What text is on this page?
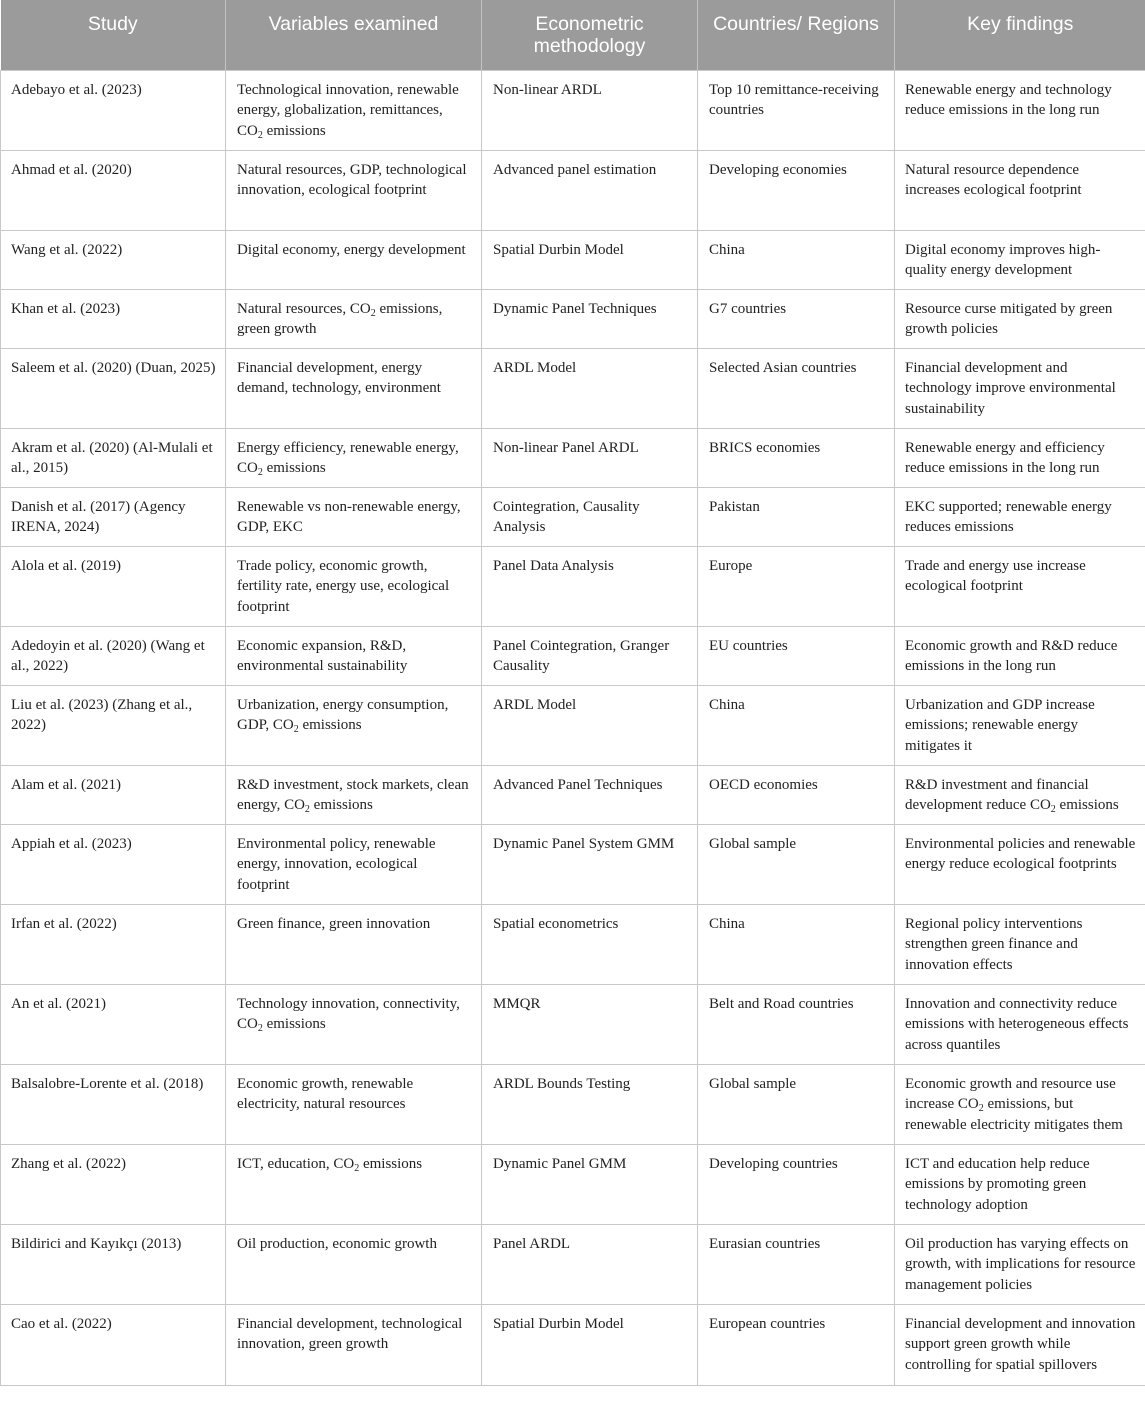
Study	Variables examined	Econometric methodology	Countries/ Regions	Key findings

Adebayo et al. (2023)	Technological innovation, renewable energy, globalization, remittances, $CO_2$ emissions	Non-linear ARDL	Top 10 remittance-receiving countries	Renewable energy and technology reduce emissions in the long run
Ahmad et al. (2020)	Natural resources, GDP, technological innovation, ecological footprint	Advanced panel estimation	Developing economies	Natural resource dependence increases ecological footprint
Wang et al. (2022)	Digital economy, energy development	Spatial Durbin Model	China	Digital economy improves high-quality energy development
Khan et al. (2023)	Natural resources, $CO_2$ emissions, green growth	Dynamic Panel Techniques	G7 countries	Resource curse mitigated by green growth policies
Saleem et al. (2020) (Duan, 2025)	Financial development, energy demand, technology, environment	ARDL Model	Selected Asian countries	Financial development and technology improve environmental sustainability
Akram et al. (2020) (Al-Mulali et al., 2015)	Energy efficiency, renewable energy, $CO_2$ emissions	Non-linear Panel ARDL	BRICS economies	Renewable energy and efficiency reduce emissions in the long run
Danish et al. (2017) (Agency IRENA, 2024)	Renewable vs non-renewable energy, GDP, EKC	Cointegration, Causality Analysis	Pakistan	EKC supported; renewable energy reduces emissions
Alola et al. (2019)	Trade policy, economic growth, fertility rate, energy use, ecological footprint	Panel Data Analysis	Europe	Trade and energy use increase ecological footprint
Adedoyin et al. (2020) (Wang et al., 2022)	Economic expansion, R&D, environmental sustainability	Panel Cointegration, Granger Causality	EU countries	Economic growth and R&D reduce emissions in the long run
Liu et al. (2023) (Zhang et al., 2022)	Urbanization, energy consumption, GDP, $CO_2$ emissions	ARDL Model	China	Urbanization and GDP increase emissions; renewable energy mitigates it
Alam et al. (2021)	R&D investment, stock markets, clean energy, $CO_2$ emissions	Advanced Panel Techniques	OECD economies	R&D investment and financial development reduce $CO_2$ emissions
Appiah et al. (2023)	Environmental policy, renewable energy, innovation, ecological footprint	Dynamic Panel System GMM	Global sample	Environmental policies and renewable energy reduce ecological footprints
Irfan et al. (2022)	Green finance, green innovation	Spatial econometrics	China	Regional policy interventions strengthen green finance and innovation effects
An et al. (2021)	Technology innovation, connectivity, $CO_2$ emissions	MMQR	Belt and Road countries	Innovation and connectivity reduce emissions with heterogeneous effects across quantiles
Balsalobre-Lorente et al. (2018)	Economic growth, renewable electricity, natural resources	ARDL Bounds Testing	Global sample	Economic growth and resource use increase $CO_2$ emissions, but renewable electricity mitigates them
Zhang et al. (2022)	ICT, education, $CO_2$ emissions	Dynamic Panel GMM	Developing countries	ICT and education help reduce emissions by promoting green technology adoption
Bildirici and Kayıkçı (2013)	Oil production, economic growth	Panel ARDL	Eurasian countries	Oil production has varying effects on growth, with implications for resource management policies
Cao et al. (2022)	Financial development, technological innovation, green growth	Spatial Durbin Model	European countries	Financial development and innovation support green growth while controlling for spatial spillovers
